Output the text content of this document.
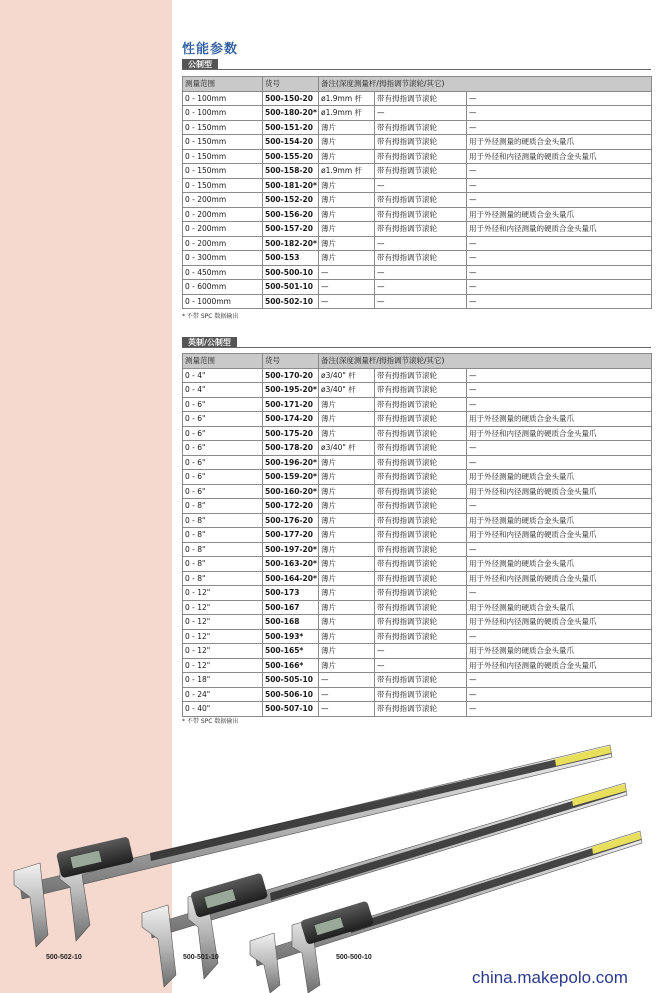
性能参数
公制型
测量范围	货号	备注(深度测量杆/拇指调节滚轮/其它)		
0 - 100mm	500-150-20	ø1.9mm 杆	带有拇指调节滚轮	—
0 - 100mm	500-180-20*	ø1.9mm 杆	—	—
0 - 150mm	500-151-20	薄片	带有拇指调节滚轮	—
0 - 150mm	500-154-20	薄片	带有拇指调节滚轮	用于外径测量的硬质合金头量爪
0 - 150mm	500-155-20	薄片	带有拇指调节滚轮	用于外径和内径测量的硬质合金头量爪
0 - 150mm	500-158-20	ø1.9mm 杆	带有拇指调节滚轮	—
0 - 150mm	500-181-20*	薄片	—	—
0 - 200mm	500-152-20	薄片	带有拇指调节滚轮	—
0 - 200mm	500-156-20	薄片	带有拇指调节滚轮	用于外径测量的硬质合金头量爪
0 - 200mm	500-157-20	薄片	带有拇指调节滚轮	用于外径和内径测量的硬质合金头量爪
0 - 200mm	500-182-20*	薄片	—	—
0 - 300mm	500-153	薄片	带有拇指调节滚轮	—
0 - 450mm	500-500-10	—	—	—
0 - 600mm	500-501-10	—	—	—
0 - 1000mm	500-502-10	—	—	—
* 不带 SPC 数据输出
英制/公制型
测量范围	货号	备注(深度测量杆/拇指调节滚轮/其它)		
0 - 4"	500-170-20	ø3/40" 杆	带有拇指调节滚轮	—
0 - 4"	500-195-20*	ø3/40" 杆	带有拇指调节滚轮	—
0 - 6"	500-171-20	薄片	带有拇指调节滚轮	—
0 - 6"	500-174-20	薄片	带有拇指调节滚轮	用于外径测量的硬质合金头量爪
0 - 6"	500-175-20	薄片	带有拇指调节滚轮	用于外径和内径测量的硬质合金头量爪
0 - 6"	500-178-20	ø3/40" 杆	带有拇指调节滚轮	—
0 - 6"	500-196-20*	薄片	带有拇指调节滚轮	—
0 - 6"	500-159-20*	薄片	带有拇指调节滚轮	用于外径测量的硬质合金头量爪
0 - 6"	500-160-20*	薄片	带有拇指调节滚轮	用于外径和内径测量的硬质合金头量爪
0 - 8"	500-172-20	薄片	带有拇指调节滚轮	—
0 - 8"	500-176-20	薄片	带有拇指调节滚轮	用于外径测量的硬质合金头量爪
0 - 8"	500-177-20	薄片	带有拇指调节滚轮	用于外径和内径测量的硬质合金头量爪
0 - 8"	500-197-20*	薄片	带有拇指调节滚轮	—
0 - 8"	500-163-20*	薄片	带有拇指调节滚轮	用于外径测量的硬质合金头量爪
0 - 8"	500-164-20*	薄片	带有拇指调节滚轮	用于外径和内径测量的硬质合金头量爪
0 - 12"	500-173	薄片	带有拇指调节滚轮	—
0 - 12"	500-167	薄片	带有拇指调节滚轮	用于外径测量的硬质合金头量爪
0 - 12"	500-168	薄片	带有拇指调节滚轮	用于外径和内径测量的硬质合金头量爪
0 - 12"	500-193*	薄片	带有拇指调节滚轮	—
0 - 12"	500-165*	薄片	—	用于外径测量的硬质合金头量爪
0 - 12"	500-166*	薄片	—	用于外径和内径测量的硬质合金头量爪
0 - 18"	500-505-10	—	带有拇指调节滚轮	—
0 - 24"	500-506-10	—	带有拇指调节滚轮	—
0 - 40"	500-507-10	—	带有拇指调节滚轮	—
* 不带 SPC 数据输出
500-502-10	500-501-10	500-500-10
china.makepolo.com
